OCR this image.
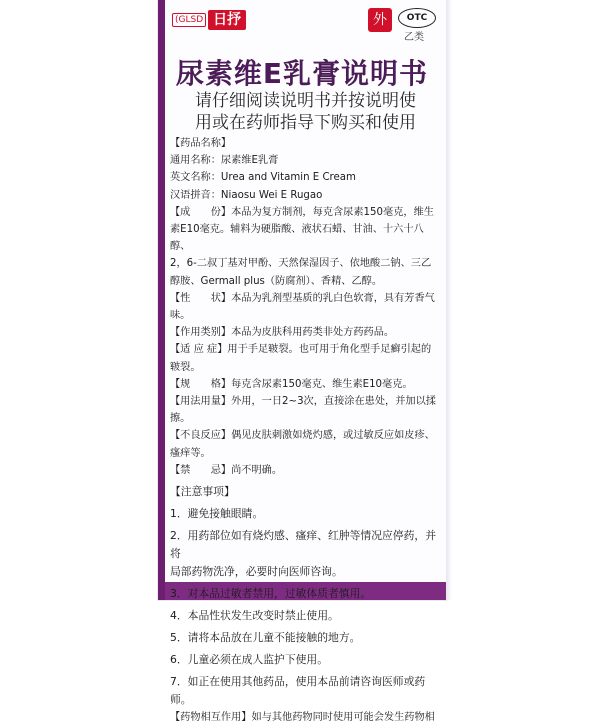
(GLSD 日抒	外	OTC
乙类
尿素维E乳膏说明书
请仔细阅读说明书并按说明使
用或在药师指导下购买和使用

【药品名称】

通用名称：尿素维E乳膏

英文名称：Urea and Vitamin E Cream

汉语拼音：Niaosu Wei E Rugao

【成　　份】本品为复方制剂，每克含尿素150毫克，维生

素E10毫克。辅料为硬脂酸、液状石蜡、甘油、十六十八醇、

2，6-二叔丁基对甲酚、天然保湿因子、依地酸二钠、三乙

醇胺、Germall plus（防腐剂）、香精、乙醇。

【性　　状】本品为乳剂型基质的乳白色软膏，具有芳香气味。

【作用类别】本品为皮肤科用药类非处方药药品。

【适 应 症】用于手足皲裂。也可用于角化型手足癣引起的

皲裂。

【规　　格】每克含尿素150毫克、维生素E10毫克。

【用法用量】外用，一日2~3次，直接涂在患处，并加以揉擦。

【不良反应】偶见皮肤刺激如烧灼感，或过敏反应如皮疹、

瘙痒等。

【禁　　忌】尚不明确。

【注意事项】

1．避免接触眼睛。

2．用药部位如有烧灼感、瘙痒、红肿等情况应停药，并将

局部药物洗净，必要时向医师咨询。

3．对本品过敏者禁用，过敏体质者慎用。

4．本品性状发生改变时禁止使用。

5．请将本品放在儿童不能接触的地方。

6．儿童必须在成人监护下使用。

7．如正在使用其他药品，使用本品前请咨询医师或药师。

【药物相互作用】如与其他药物同时使用可能会发生药物相
